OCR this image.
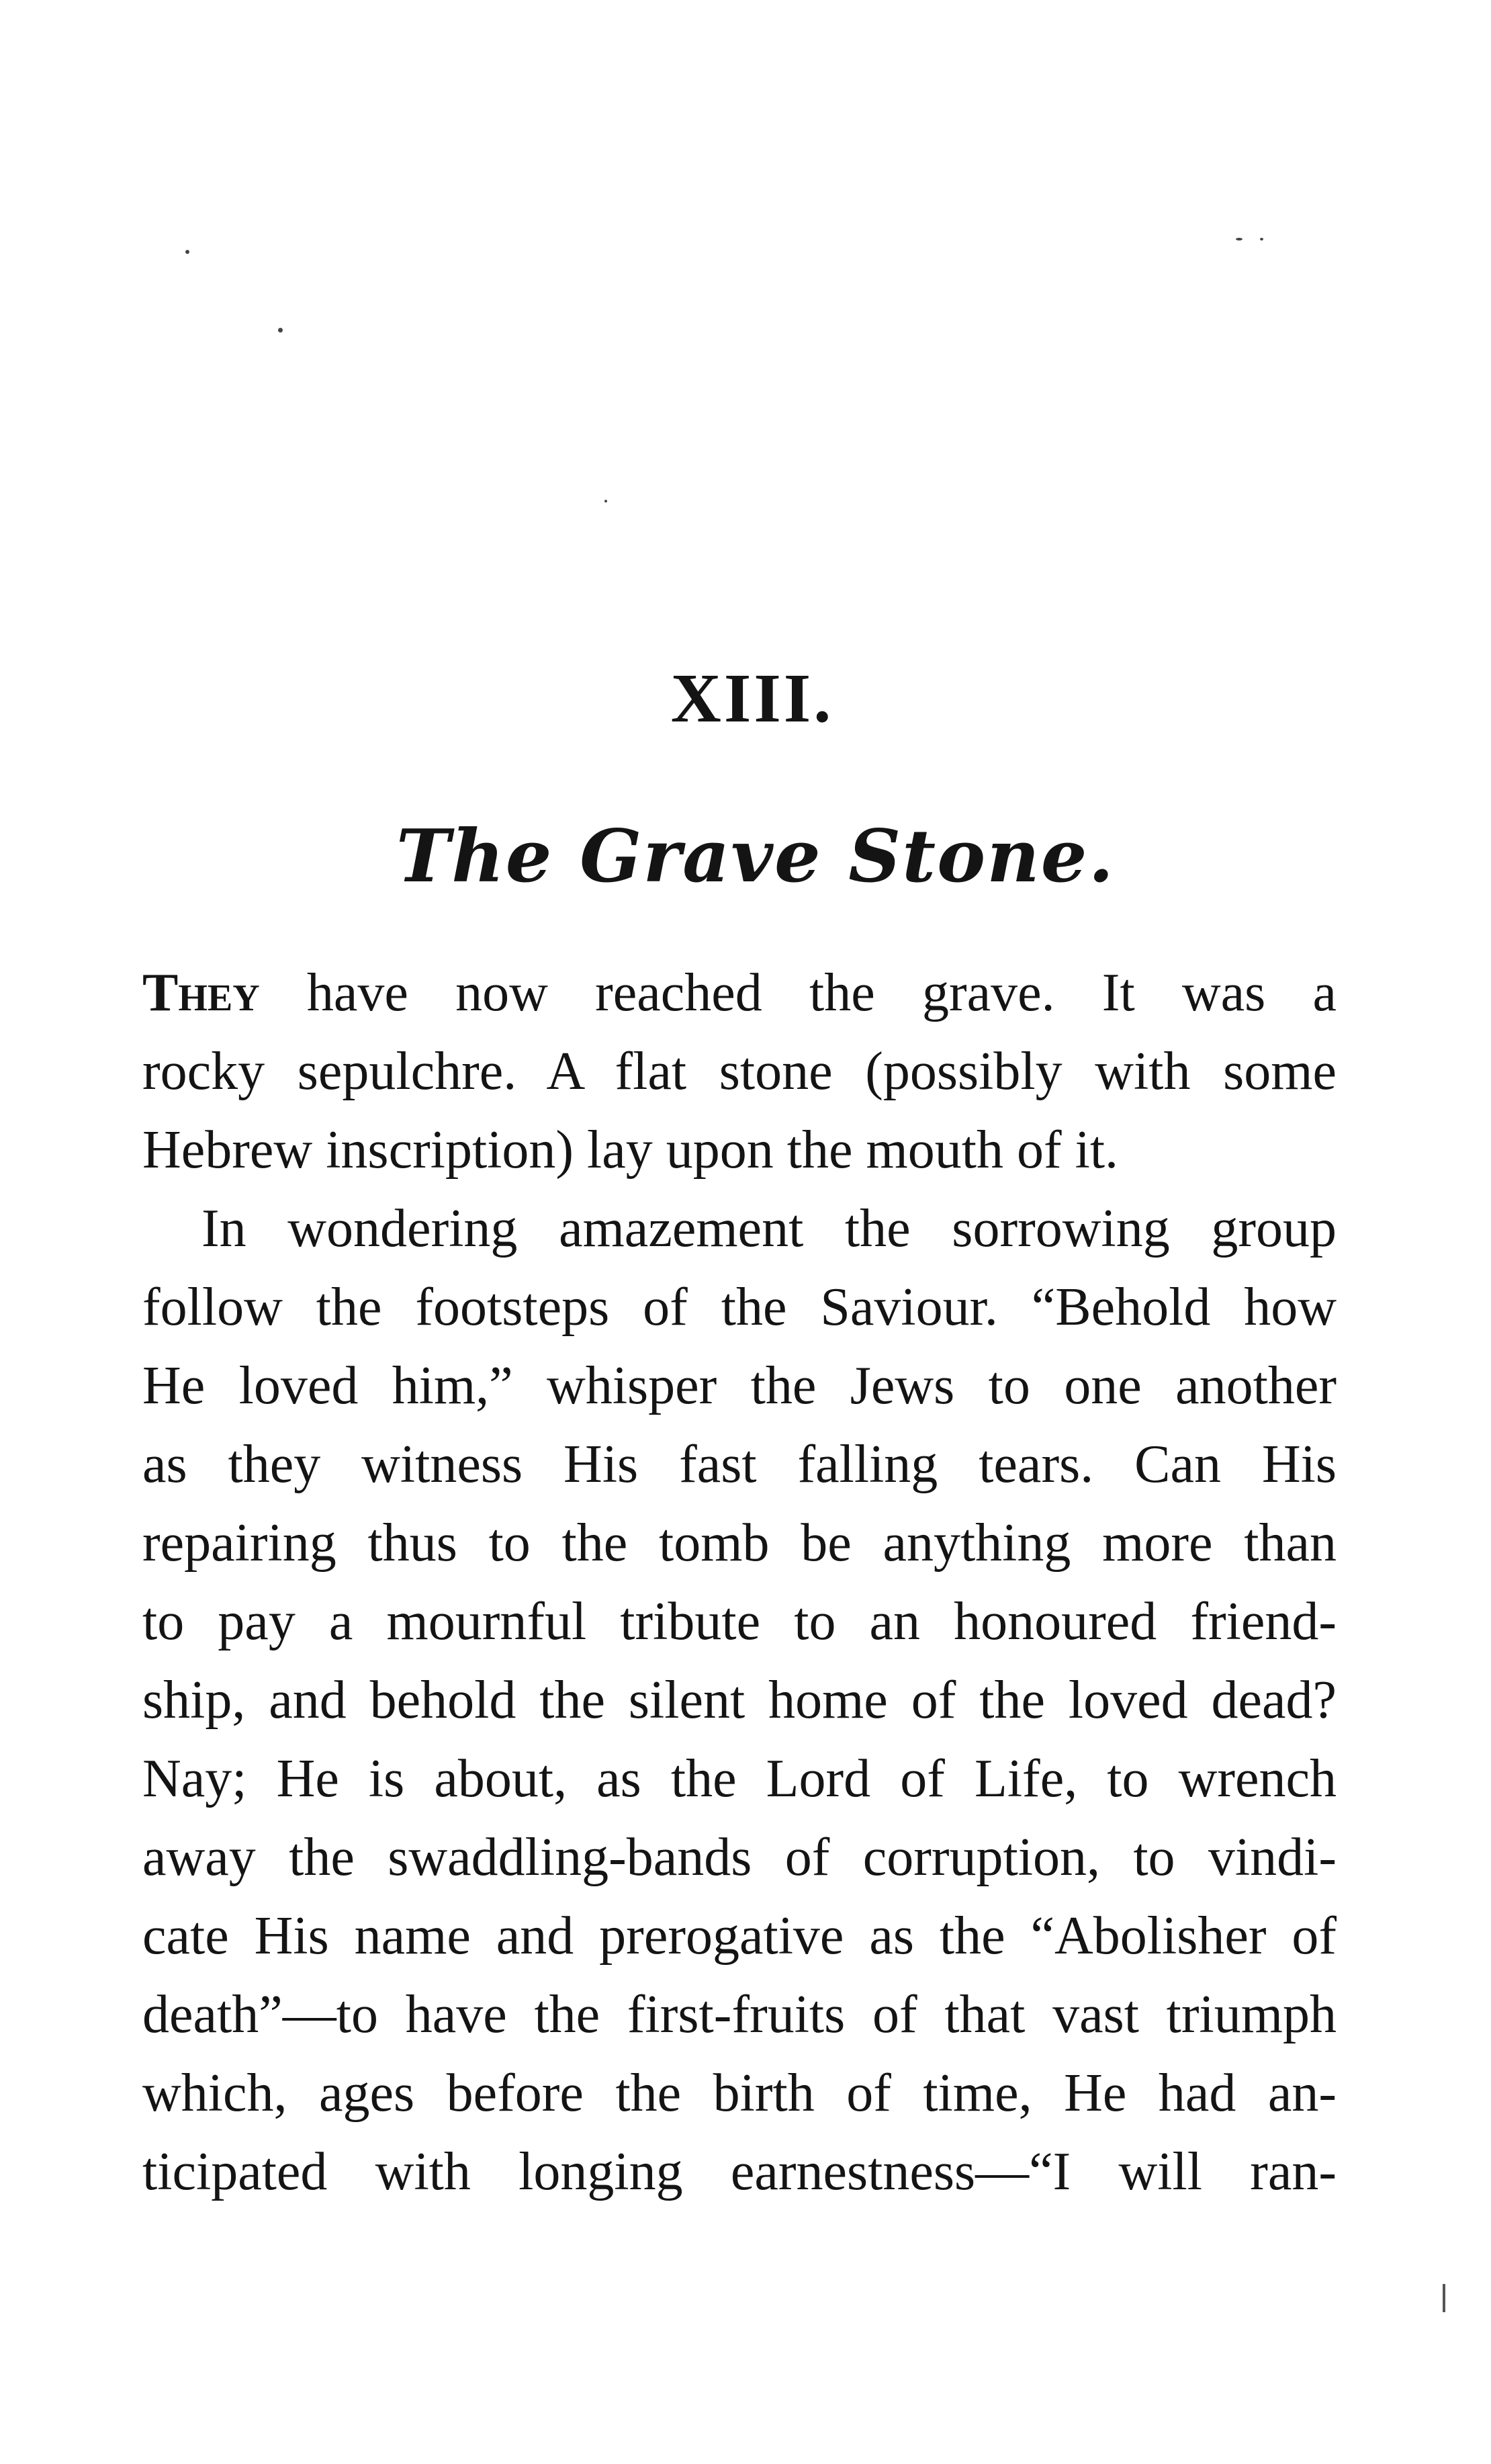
XIII.
The Grave Stone.
They have now reached the grave. It was a
rocky sepulchre. A flat stone (possibly with some
Hebrew inscription) lay upon the mouth of it.
In wondering amazement the sorrowing group
follow the footsteps of the Saviour. “Behold how
He loved him,” whisper the Jews to one another
as they witness His fast falling tears. Can His
repairing thus to the tomb be anything more than
to pay a mournful tribute to an honoured friend-
ship, and behold the silent home of the loved dead?
Nay; He is about, as the Lord of Life, to wrench
away the swaddling-bands of corruption, to vindi-
cate His name and prerogative as the “Abolisher of
death”—to have the first-fruits of that vast triumph
which, ages before the birth of time, He had an-
ticipated with longing earnestness—“I will ran-
